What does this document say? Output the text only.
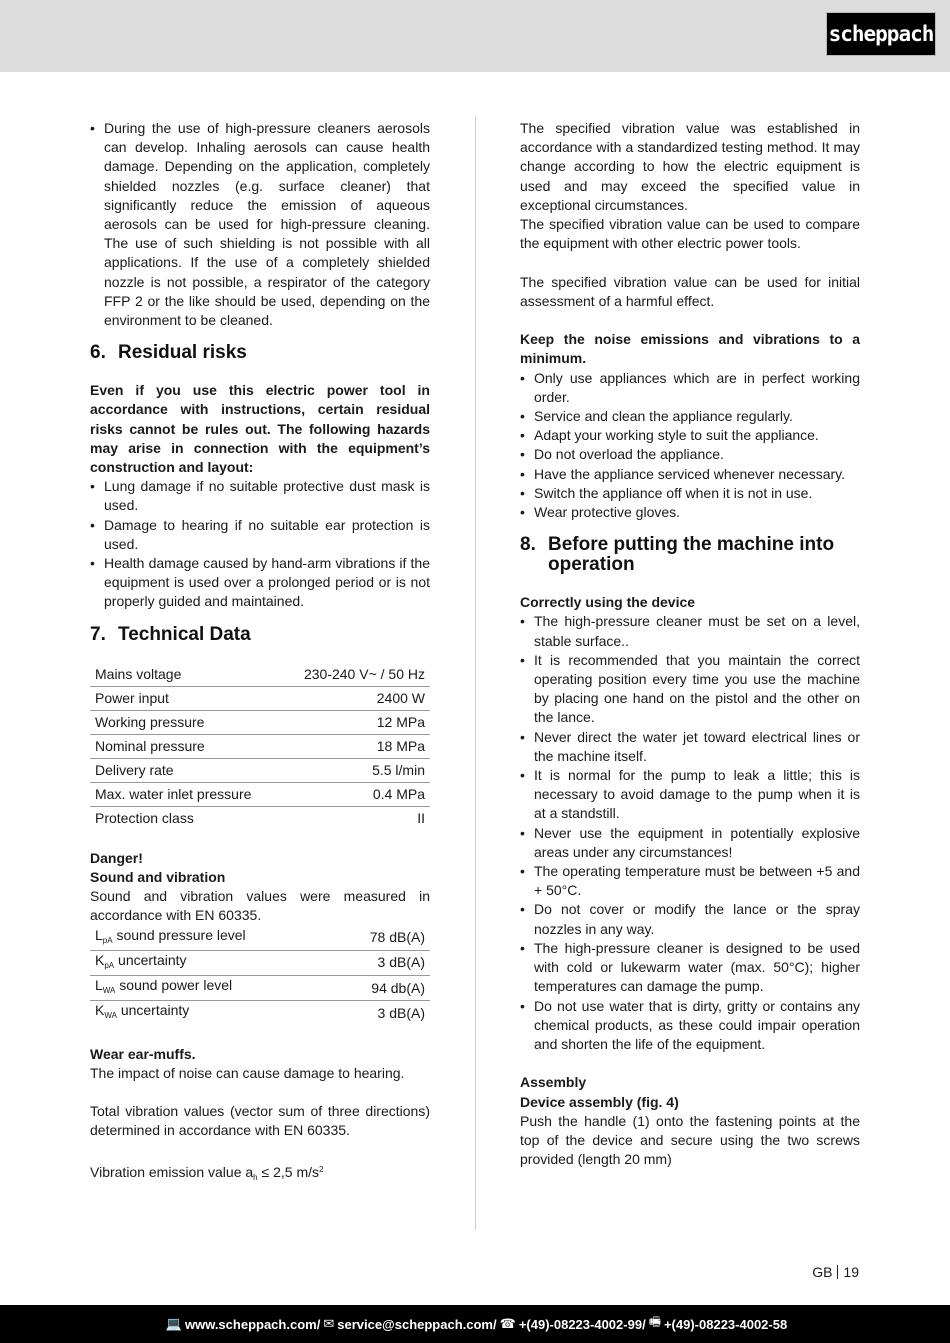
scheppach
• During the use of high-pressure cleaners aerosols can develop. Inhaling aerosols can cause health damage. Depending on the application, completely shielded nozzles (e.g. surface cleaner) that significantly reduce the emission of aqueous aerosols can be used for high-pressure cleaning. The use of such shielding is not possible with all applications. If the use of a completely shielded nozzle is not possible, a respirator of the category FFP 2 or the like should be used, depending on the environment to be cleaned.
6. Residual risks

Even if you use this electric power tool in accordance with instructions, certain residual risks cannot be rules out. The following hazards may arise in connection with the equipment’s construction and layout:

• Lung damage if no suitable protective dust mask is used.
• Damage to hearing if no suitable ear protection is used.
• Health damage caused by hand-arm vibrations if the equipment is used over a prolonged period or is not properly guided and maintained.
7. Technical Data
Mains voltage	230-240 V~ / 50 Hz
Power input	2400 W
Working pressure	12 MPa
Nominal pressure	18 MPa
Delivery rate	5.5 l/min
Max. water inlet pressure	0.4 MPa
Protection class	II

Danger!

Sound and vibration

Sound and vibration values were measured in accordance with EN 60335.

$L_{pA}$ sound pressure level	78 dB(A)
$K_{pA}$ uncertainty	3 dB(A)
$L_{WA}$ sound power level	94 db(A)
$K_{WA}$ uncertainty	3 dB(A)

Wear ear-muffs.

The impact of noise can cause damage to hearing.

Total vibration values (vector sum of three directions) determined in accordance with EN 60335.

Vibration emission value $a_h \le 2,5$ $m/s^2$

The specified vibration value was established in accordance with a standardized testing method. It may change according to how the electric equipment is used and may exceed the specified value in exceptional circumstances.

The specified vibration value can be used to compare the equipment with other electric power tools.

The specified vibration value can be used for initial assessment of a harmful effect.

Keep the noise emissions and vibrations to a minimum.

• Only use appliances which are in perfect working order.
• Service and clean the appliance regularly.
• Adapt your working style to suit the appliance.
• Do not overload the appliance.
• Have the appliance serviced whenever necessary.
• Switch the appliance off when it is not in use.
• Wear protective gloves.
8. Before putting the machine into operation

Correctly using the device

• The high-pressure cleaner must be set on a level, stable surface..
• It is recommended that you maintain the correct operating position every time you use the machine by placing one hand on the pistol and the other on the lance.
• Never direct the water jet toward electrical lines or the machine itself.
• It is normal for the pump to leak a little; this is necessary to avoid damage to the pump when it is at a standstill.
• Never use the equipment in potentially explosive areas under any circumstances!
• The operating temperature must be between +5 and + 50°C.
• Do not cover or modify the lance or the spray nozzles in any way.
• The high-pressure cleaner is designed to be used with cold or lukewarm water (max. 50°C); higher temperatures can damage the pump.
• Do not use water that is dirty, gritty or contains any chemical products, as these could impair operation and shorten the life of the equipment.

Assembly

Device assembly (fig. 4)

Push the handle (1) onto the fastening points at the top of the device and secure using the two screws provided (length 20 mm)

GB 19
💻 www.scheppach.com / ✉ service@scheppach.com / ☎ +(49)-08223-4002-99 / 🖷 +(49)-08223-4002-58
